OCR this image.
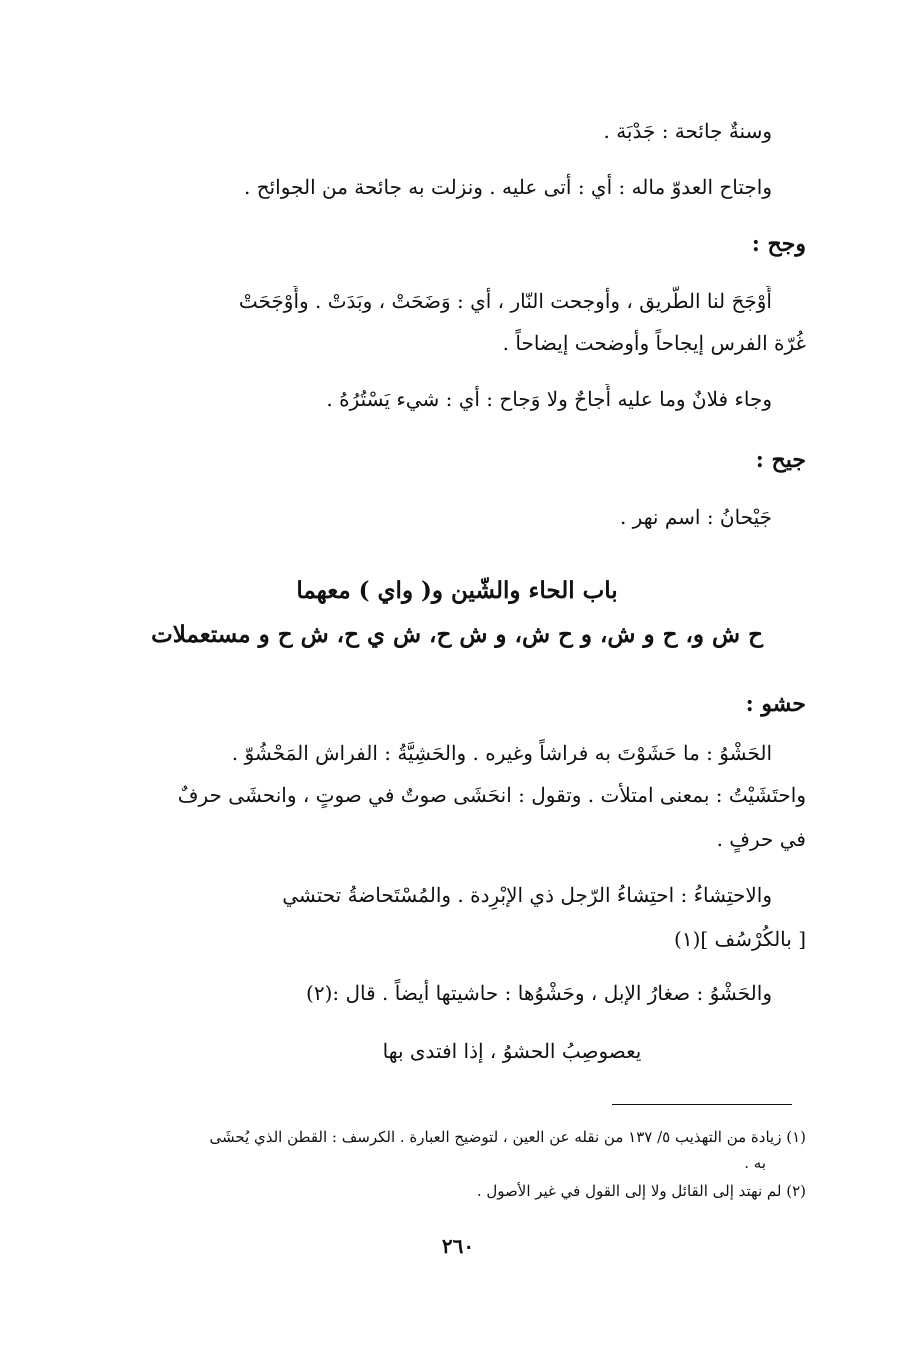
وسنةٌ جائحة : جَدْبَة .

واجتاح العدوّ ماله : أي : أتى عليه . ونزلت به جائحة من الجوائح .

وجح :

أَوْجَحَ لنا الطّريق ، وأوجحت النّار ، أي : وَضَحَتْ ، وبَدَتْ . وأَوْجَحَتْ

غُرّة الفرس إيجاحاً وأوضحت إيضاحاً .

وجاء فلانٌ وما عليه أَجاحٌ ولا وَجاح : أي : شيء يَسْتُرُهُ .

جيح :

جَيْحانُ : اسم نهر .

باب الحاء والشّين و( واي ) معهما
ح ش و، ح و ش، و ح ش، و ش ح، ش ي ح، ش ح و مستعملات
حشو :

الحَشْوُ : ما حَشَوْتَ به فراشاً وغيره . والحَشِيَّةُ : الفراش المَحْشُوّ .

واحتَشَيْتُ : بمعنى امتلأت . وتقول : انحَشَى صوتٌ في صوتٍ ، وانحشَى حرفٌ

في حرفٍ .

والاحتِشاءُ : احتِشاءُ الرّجل ذي الإبْرِدة . والمُسْتَحاضةُ تحتشي

[ بالكُرْسُف ](١)

والحَشْوُ : صغارُ الإبل ، وحَشْوُها : حاشيتها أيضاً . قال :(٢)

يعصوصِبُ الحشوُ ، إذا افتدى بها

(١) زيادة من التهذيب ٥/ ١٣٧ من نقله عن العين ، لتوضيح العبارة . الكرسف : القطن الذي يُحشَى

به .

(٢) لم نهتد إلى القائل ولا إلى القول في غير الأصول .

٢٦٠
